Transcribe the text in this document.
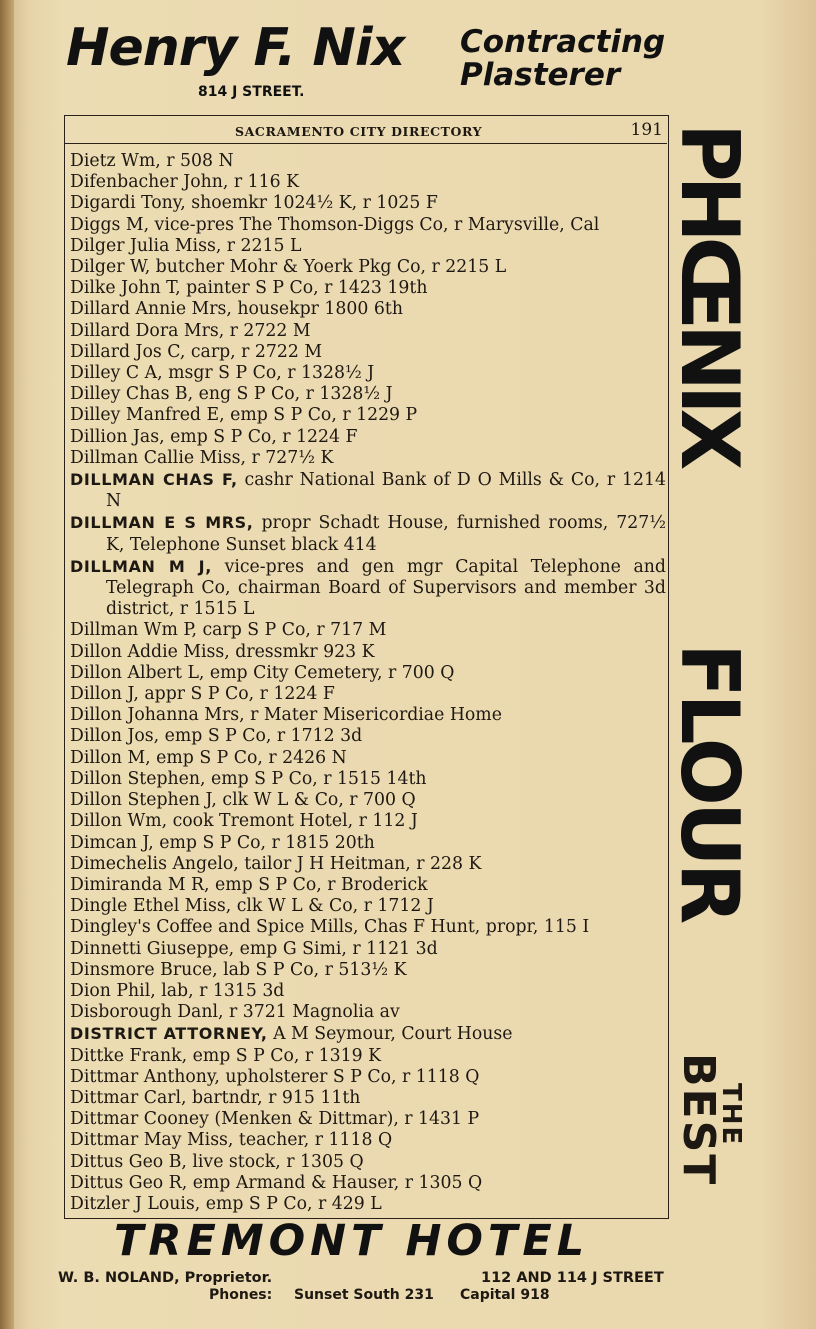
Henry F. Nix
814 J STREET.
Contracting
Plasterer
SACRAMENTO CITY DIRECTORY	191
Dietz Wm, r 508 N
Difenbacher John, r 116 K
Digardi Tony, shoemkr 1024½ K, r 1025 F
Diggs M, vice-pres The Thomson-Diggs Co, r Marysville, Cal
Dilger Julia Miss, r 2215 L
Dilger W, butcher Mohr & Yoerk Pkg Co, r 2215 L
Dilke John T, painter S P Co, r 1423 19th
Dillard Annie Mrs, housekpr 1800 6th
Dillard Dora Mrs, r 2722 M
Dillard Jos C, carp, r 2722 M
Dilley C A, msgr S P Co, r 1328½ J
Dilley Chas B, eng S P Co, r 1328½ J
Dilley Manfred E, emp S P Co, r 1229 P
Dillion Jas, emp S P Co, r 1224 F
Dillman Callie Miss, r 727½ K
DILLMAN CHAS F, cashr National Bank of D O Mills & Co, r 1214 N
DILLMAN E S MRS, propr Schadt House, furnished rooms, 727½ K, Telephone Sunset black 414
DILLMAN M J, vice-pres and gen mgr Capital Telephone and Telegraph Co, chairman Board of Supervisors and member 3d district, r 1515 L
Dillman Wm P, carp S P Co, r 717 M
Dillon Addie Miss, dressmkr 923 K
Dillon Albert L, emp City Cemetery, r 700 Q
Dillon J, appr S P Co, r 1224 F
Dillon Johanna Mrs, r Mater Misericordiae Home
Dillon Jos, emp S P Co, r 1712 3d
Dillon M, emp S P Co, r 2426 N
Dillon Stephen, emp S P Co, r 1515 14th
Dillon Stephen J, clk W L & Co, r 700 Q
Dillon Wm, cook Tremont Hotel, r 112 J
Dimcan J, emp S P Co, r 1815 20th
Dimechelis Angelo, tailor J H Heitman, r 228 K
Dimiranda M R, emp S P Co, r Broderick
Dingle Ethel Miss, clk W L & Co, r 1712 J
Dingley's Coffee and Spice Mills, Chas F Hunt, propr, 115 I
Dinnetti Giuseppe, emp G Simi, r 1121 3d
Dinsmore Bruce, lab S P Co, r 513½ K
Dion Phil, lab, r 1315 3d
Disborough Danl, r 3721 Magnolia av
DISTRICT ATTORNEY, A M Seymour, Court House
Dittke Frank, emp S P Co, r 1319 K
Dittmar Anthony, upholsterer S P Co, r 1118 Q
Dittmar Carl, bartndr, r 915 11th
Dittmar Cooney (Menken & Dittmar), r 1431 P
Dittmar May Miss, teacher, r 1118 Q
Dittus Geo B, live stock, r 1305 Q
Dittus Geo R, emp Armand & Hauser, r 1305 Q
Ditzler J Louis, emp S P Co, r 429 L
PHŒNIX
FLOUR
BEST
THE
TREMONT HOTEL
W. B. NOLAND, Proprietor.	112 AND 114 J STREET
Phones: Sunset South 231 Capital 918
